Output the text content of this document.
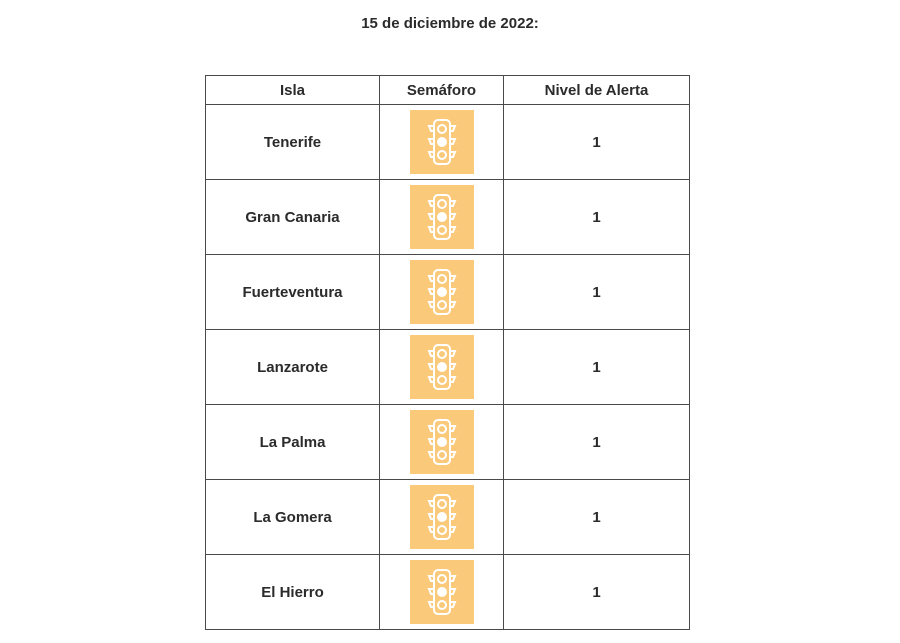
15 de diciembre de 2022:
Isla	Semáforo	Nivel de Alerta
Tenerife		1
Gran Canaria		1
Fuerteventura		1
Lanzarote		1
La Palma		1
La Gomera		1
El Hierro		1
